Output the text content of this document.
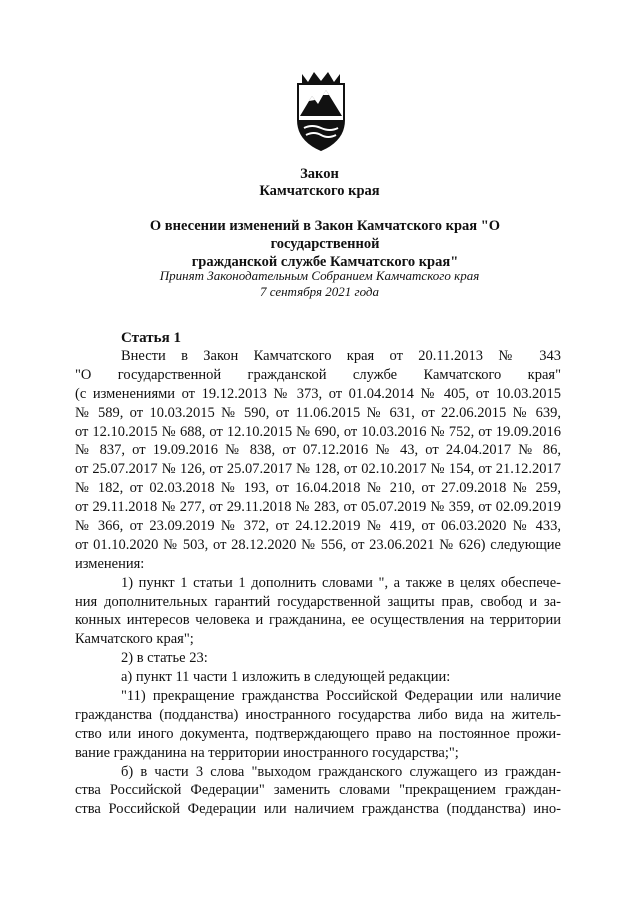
Закон
Камчатского края
О внесении изменений в Закон Камчатского края "О государственной
гражданской службе Камчатского края"
Принят Законодательным Собранием Камчатского края
7 сентября 2021 года
Статья 1
Внести в Закон Камчатского края от 20.11.2013 № 343
"О государственной гражданской службе Камчатского края"
(с изменениями от 19.12.2013 № 373, от 01.04.2014 № 405, от 10.03.2015
№ 589, от 10.03.2015 № 590, от 11.06.2015 № 631, от 22.06.2015 № 639,
от 12.10.2015 № 688, от 12.10.2015 № 690, от 10.03.2016 № 752, от 19.09.2016
№ 837, от 19.09.2016 № 838, от 07.12.2016 № 43, от 24.04.2017 № 86,
от 25.07.2017 № 126, от 25.07.2017 № 128, от 02.10.2017 № 154, от 21.12.2017
№ 182, от 02.03.2018 № 193, от 16.04.2018 № 210, от 27.09.2018 № 259,
от 29.11.2018 № 277, от 29.11.2018 № 283, от 05.07.2019 № 359, от 02.09.2019
№ 366, от 23.09.2019 № 372, от 24.12.2019 № 419, от 06.03.2020 № 433,
от 01.10.2020 № 503, от 28.12.2020 № 556, от 23.06.2021 № 626) следующие
изменения:
1) пункт 1 статьи 1 дополнить словами ", а также в целях обеспече-
ния дополнительных гарантий государственной защиты прав, свобод и за-
конных интересов человека и гражданина, ее осуществления на территории
Камчатского края";
2) в статье 23:
а) пункт 11 части 1 изложить в следующей редакции:
"11) прекращение гражданства Российской Федерации или наличие
гражданства (подданства) иностранного государства либо вида на житель-
ство или иного документа, подтверждающего право на постоянное прожи-
вание гражданина на территории иностранного государства;";
б) в части 3 слова "выходом гражданского служащего из граждан-
ства Российской Федерации" заменить словами "прекращением граждан-
ства Российской Федерации или наличием гражданства (подданства) ино-
